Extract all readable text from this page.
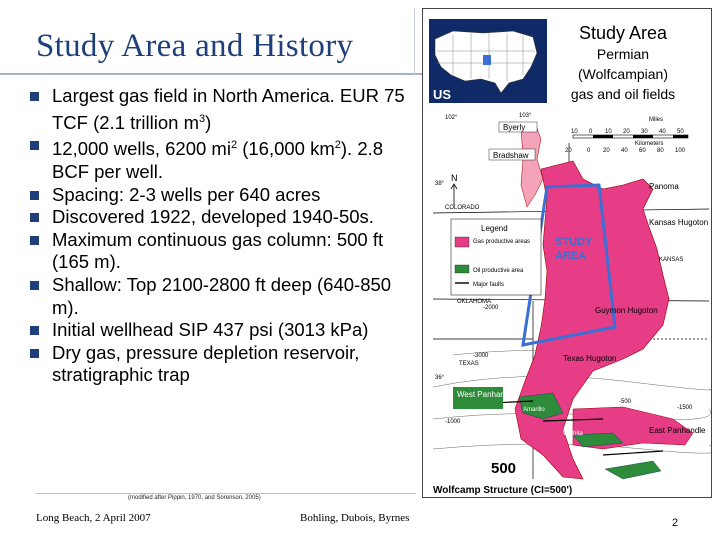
Study Area and History
Largest gas field in North America. EUR 75 TCF (2.1 trillion $m^3$)
12,000 wells, 6200 $mi^2$ (16,000 $km^2$). 2.8 BCF per well.
Spacing: 2-3 wells per 640 acres
Discovered 1922, developed 1940-50s.
Maximum continuous gas column: 500 ft (165 m).
Shallow: Top 2100-2800 ft deep (640-850 m).
Initial wellhead SIP 437 psi (3013 kPa)
Dry gas, pressure depletion reservoir, stratigraphic trap
Long Beach, 2 April 2007	Bohling, Dubois, Byrnes	2
US
Study Area
Permian
(Wolfcampian)
gas and oil fields
Miles
10 0 10 20 30 40 50
Kilometers
20	0 20 40 60 80 100
102°	103°
38°
36°
N
Byerly
Bradshaw
Panoma
Kansas Hugoton
Guymon Hugoton
Texas Hugoton
West Panhandle
East Panhandle
Amarillo
Wichita
STUDY
AREA
COLORADO
KANSAS
OKLAHOMA
TEXAS
Legend
Gas productive areas
Oil productive area
Major faults
-3000
-2000
-1000
500
-500
-1500
Wolfcamp Structure (CI=500')
(modified after Pippin, 1970, and Sorenson, 2005)
